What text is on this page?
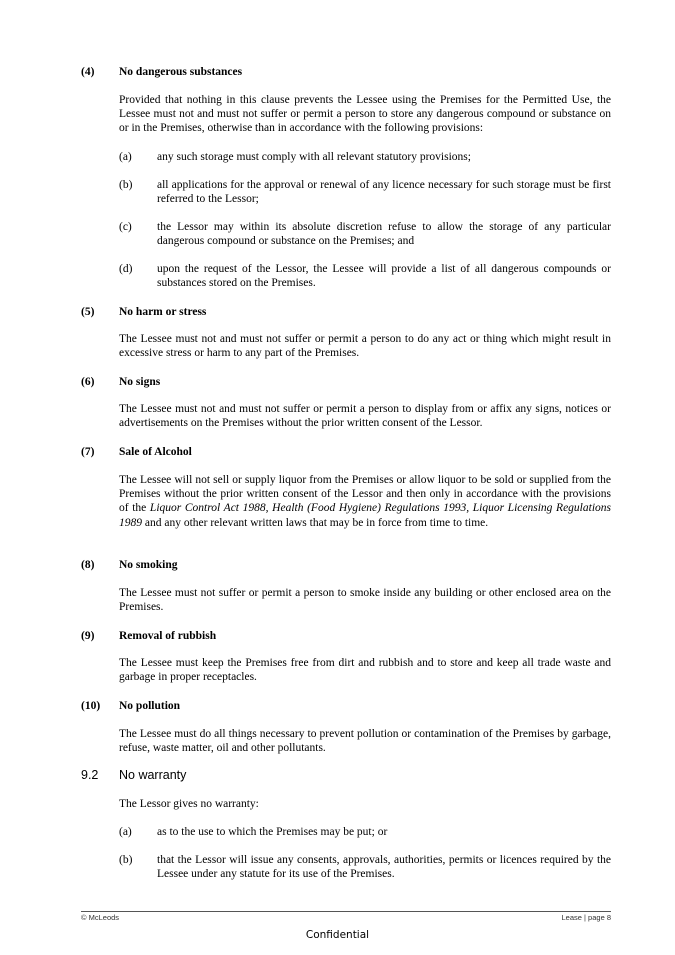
(4) No dangerous substances
Provided that nothing in this clause prevents the Lessee using the Premises for the Permitted Use, the Lessee must not and must not suffer or permit a person to store any dangerous compound or substance on or in the Premises, otherwise than in accordance with the following provisions:
(a) any such storage must comply with all relevant statutory provisions;
(b) all applications for the approval or renewal of any licence necessary for such storage must be first referred to the Lessor;
(c) the Lessor may within its absolute discretion refuse to allow the storage of any particular dangerous compound or substance on the Premises; and
(d) upon the request of the Lessor, the Lessee will provide a list of all dangerous compounds or substances stored on the Premises.
(5) No harm or stress
The Lessee must not and must not suffer or permit a person to do any act or thing which might result in excessive stress or harm to any part of the Premises.
(6) No signs
The Lessee must not and must not suffer or permit a person to display from or affix any signs, notices or advertisements on the Premises without the prior written consent of the Lessor.
(7) Sale of Alcohol
The Lessee will not sell or supply liquor from the Premises or allow liquor to be sold or supplied from the Premises without the prior written consent of the Lessor and then only in accordance with the provisions of the Liquor Control Act 1988, Health (Food Hygiene) Regulations 1993, Liquor Licensing Regulations 1989 and any other relevant written laws that may be in force from time to time.
(8) No smoking
The Lessee must not suffer or permit a person to smoke inside any building or other enclosed area on the Premises.
(9) Removal of rubbish
The Lessee must keep the Premises free from dirt and rubbish and to store and keep all trade waste and garbage in proper receptacles.
(10) No pollution
The Lessee must do all things necessary to prevent pollution or contamination of the Premises by garbage, refuse, waste matter, oil and other pollutants.
9.2 No warranty
The Lessor gives no warranty:
(a) as to the use to which the Premises may be put; or
(b) that the Lessor will issue any consents, approvals, authorities, permits or licences required by the Lessee under any statute for its use of the Premises.
© McLeods	Lease | page 8
Confidential
